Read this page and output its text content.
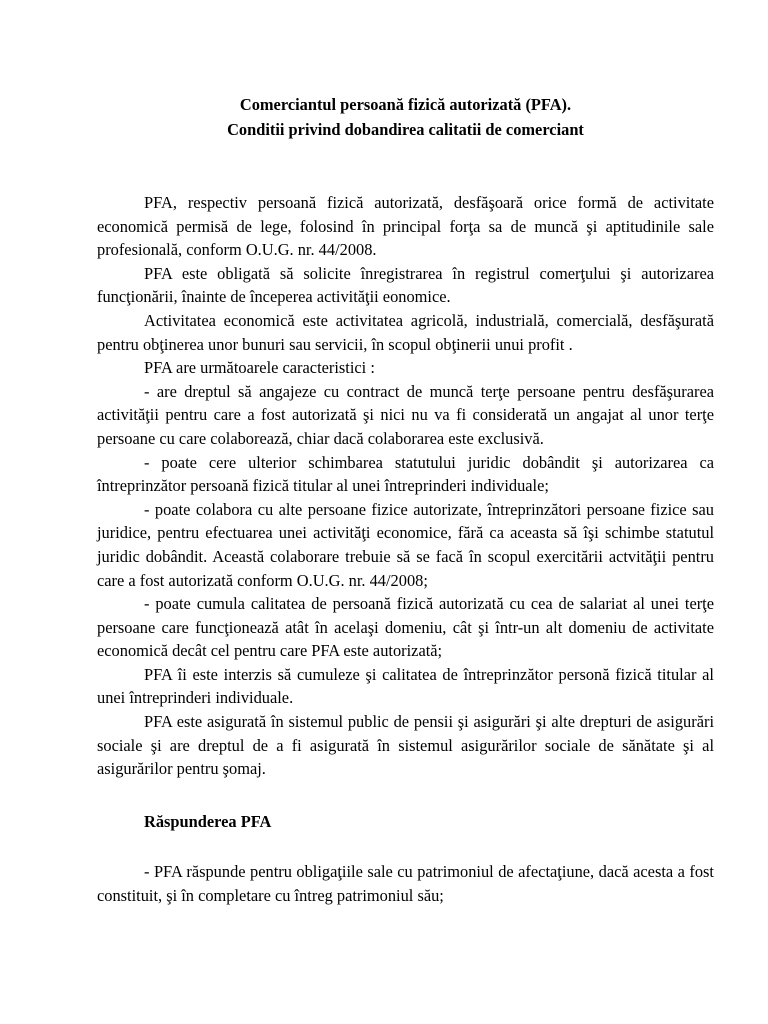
Comerciantul persoană fizică autorizată (PFA).
Conditii privind dobandirea calitatii de comerciant

PFA, respectiv persoană fizică autorizată, desfăşoară orice formă de activitate economică permisă de lege, folosind în principal forţa sa de muncă şi aptitudinile sale profesională, conform O.U.G. nr. 44/2008.

PFA este obligată să solicite înregistrarea în registrul comerţului şi autorizarea funcţionării, înainte de începerea activităţii eonomice.

Activitatea economică este activitatea agricolă, industrială, comercială, desfăşurată pentru obţinerea unor bunuri sau servicii, în scopul obţinerii unui profit .

PFA are următoarele caracteristici :

- are dreptul să angajeze cu contract de muncă terţe persoane pentru desfăşurarea activităţii pentru care a fost autorizată şi nici nu va fi considerată un angajat al unor terţe persoane cu care colaborează, chiar dacă colaborarea este exclusivă.

- poate cere ulterior schimbarea statutului juridic dobândit şi autorizarea ca întreprinzător persoană fizică titular al unei întreprinderi individuale;

- poate colabora cu alte persoane fizice autorizate, întreprinzători persoane fizice sau juridice, pentru efectuarea unei activităţi economice, fără ca aceasta să îşi schimbe statutul juridic dobândit. Această colaborare trebuie să se facă în scopul exercitării actvităţii pentru care a fost autorizată conform O.U.G. nr. 44/2008;

- poate cumula calitatea de persoană fizică autorizată cu cea de salariat al unei terţe persoane care funcţionează atât în acelaşi domeniu, cât şi într-un alt domeniu de activitate economică decât cel pentru care PFA este autorizată;

PFA îi este interzis să cumuleze şi calitatea de întreprinzător personă fizică titular al unei întreprinderi individuale.

PFA este asigurată în sistemul public de pensii şi asigurări şi alte drepturi de asigurări sociale şi are dreptul de a fi asigurată în sistemul asigurărilor sociale de sănătate şi al asigurărilor pentru şomaj.

Răspunderea PFA

- PFA răspunde pentru obligaţiile sale cu patrimoniul de afectaţiune, dacă acesta a fost constituit, şi în completare cu întreg patrimoniul său;
